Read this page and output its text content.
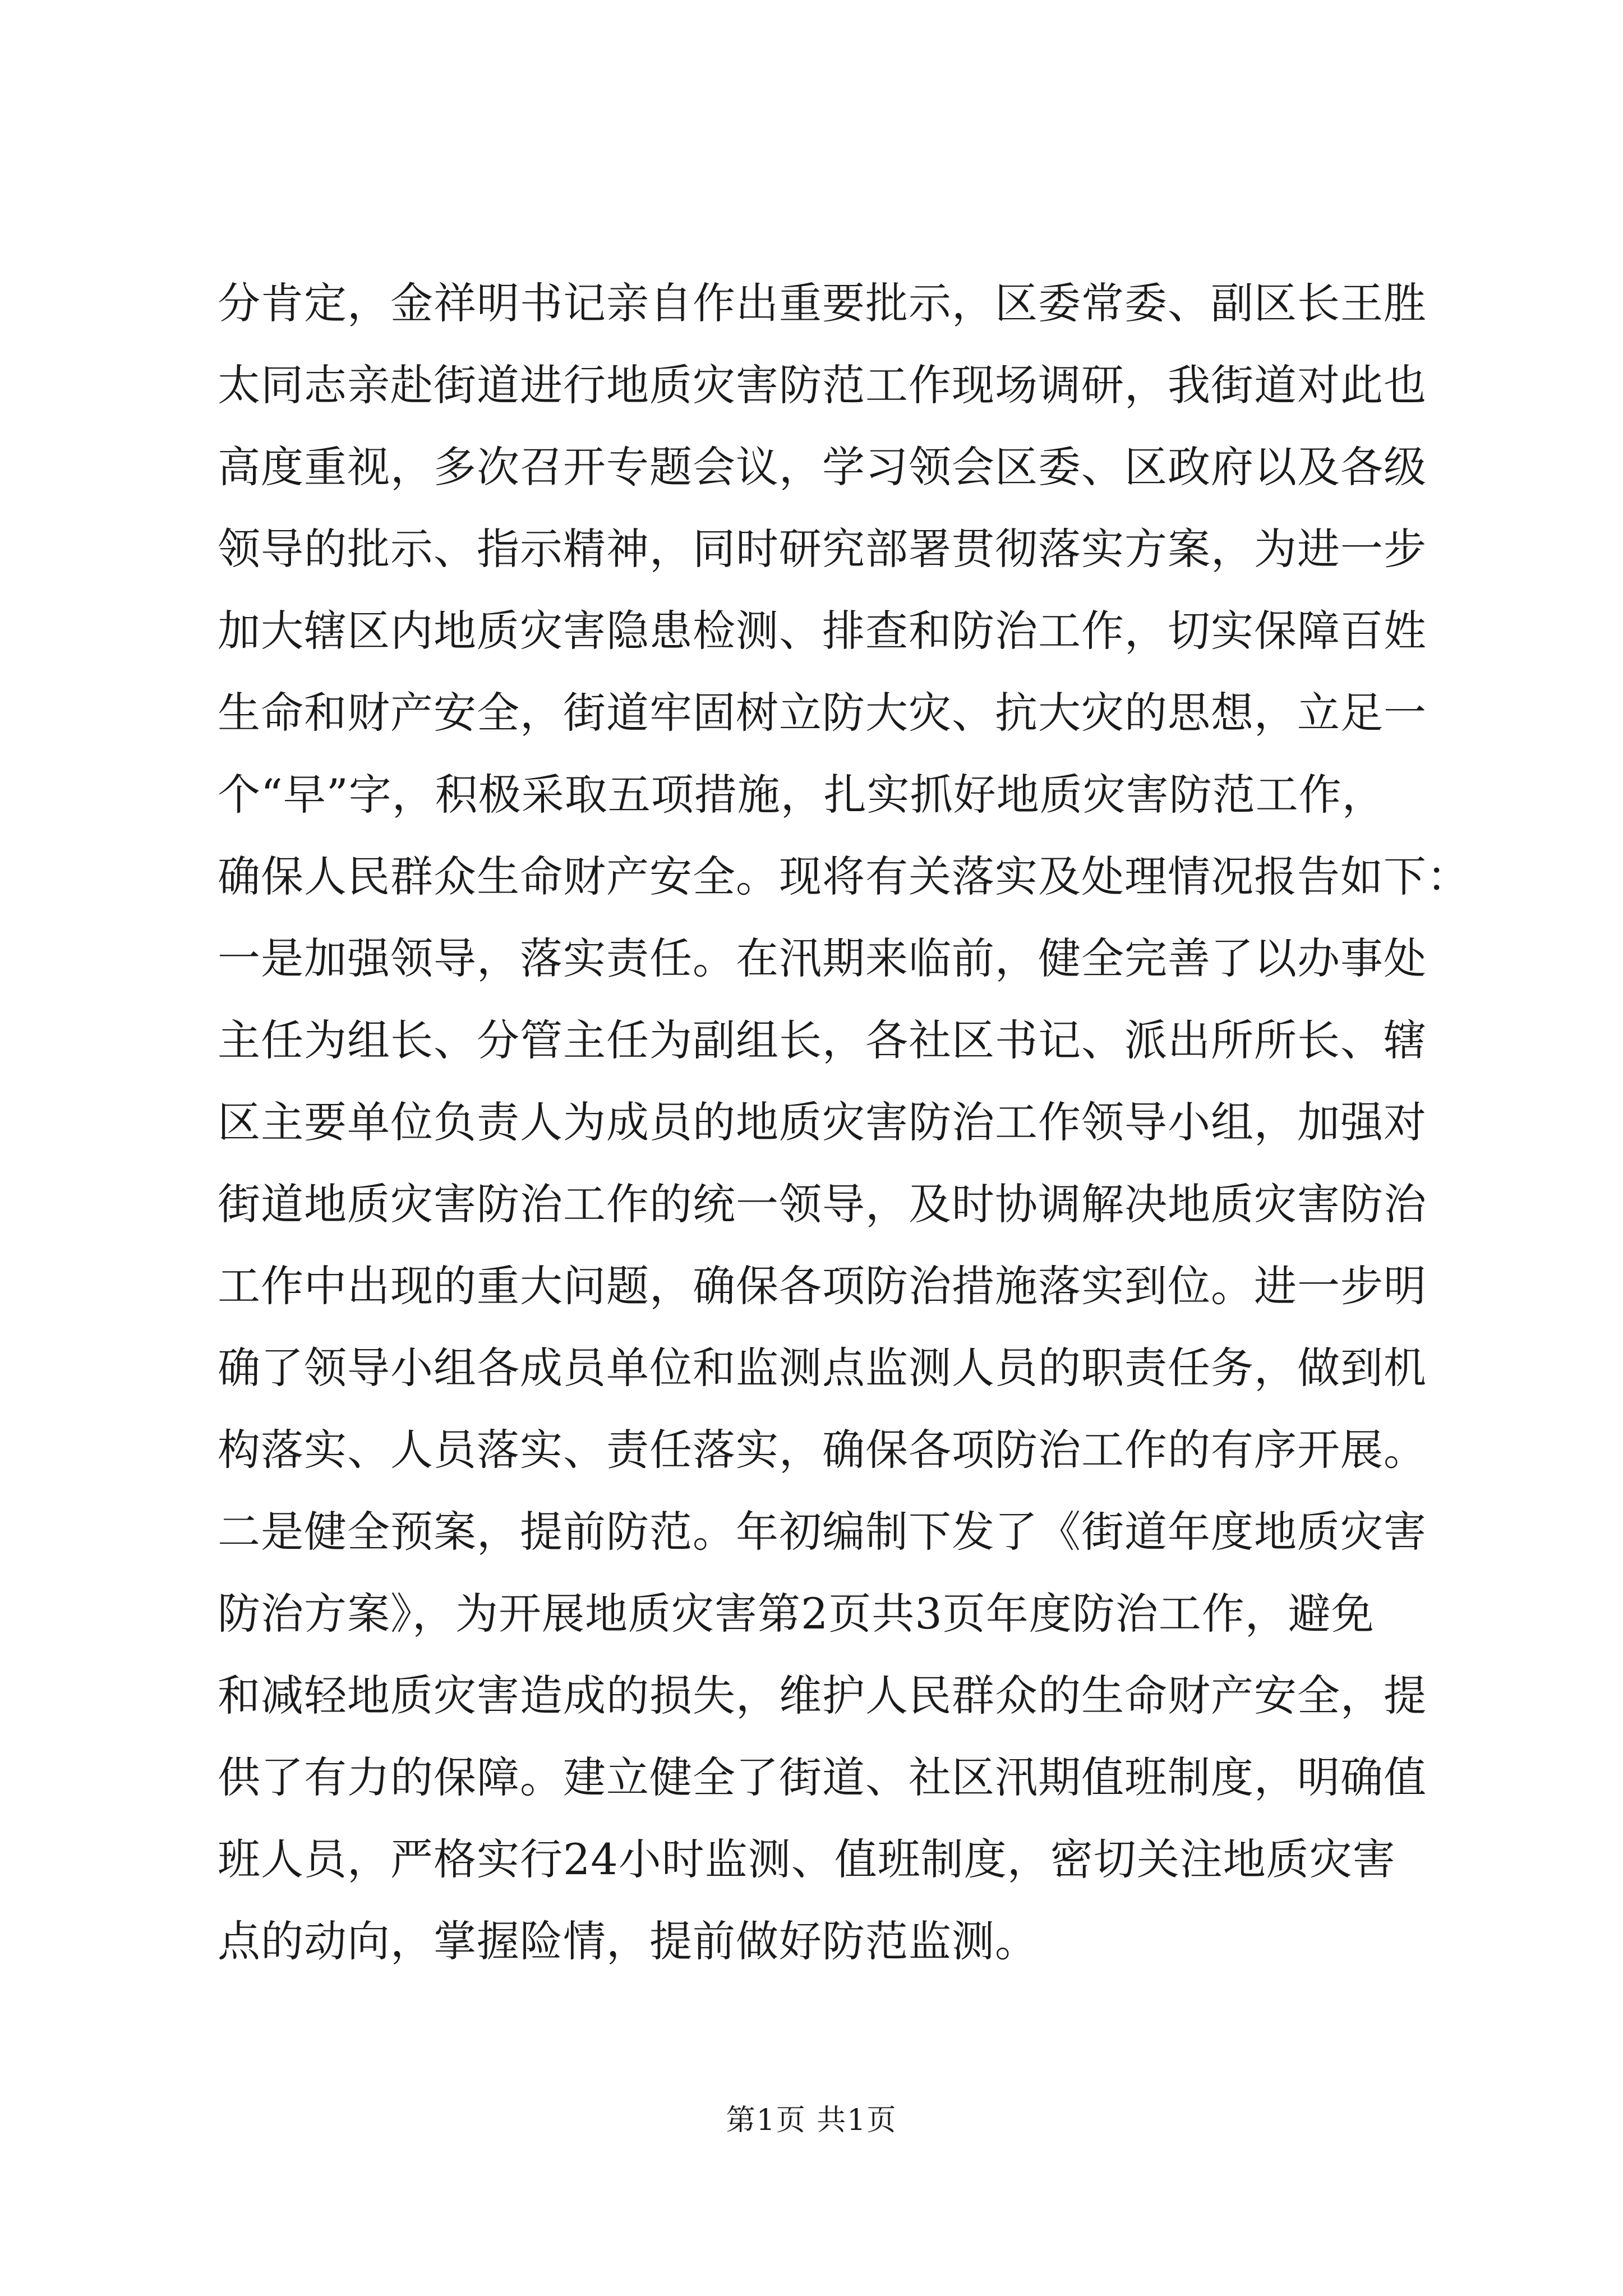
分肯定，金祥明书记亲自作出重要批示，区委常委、副区长王胜
太同志亲赴街道进行地质灾害防范工作现场调研，我街道对此也
高度重视，多次召开专题会议，学习领会区委、区政府以及各级
领导的批示、指示精神，同时研究部署贯彻落实方案，为进一步
加大辖区内地质灾害隐患检测、排查和防治工作，切实保障百姓
生命和财产安全，街道牢固树立防大灾、抗大灾的思想，立足一
个“早”字，积极采取五项措施，扎实抓好地质灾害防范工作，
确保人民群众生命财产安全。现将有关落实及处理情况报告如下：
一是加强领导，落实责任。在汛期来临前，健全完善了以办事处
主任为组长、分管主任为副组长，各社区书记、派出所所长、辖
区主要单位负责人为成员的地质灾害防治工作领导小组，加强对
街道地质灾害防治工作的统一领导，及时协调解决地质灾害防治
工作中出现的重大问题，确保各项防治措施落实到位。进一步明
确了领导小组各成员单位和监测点监测人员的职责任务，做到机
构落实、人员落实、责任落实，确保各项防治工作的有序开展。
二是健全预案，提前防范。年初编制下发了《街道年度地质灾害
防治方案》，为开展地质灾害第2页共3页年度防治工作，避免
和减轻地质灾害造成的损失，维护人民群众的生命财产安全，提
供了有力的保障。建立健全了街道、社区汛期值班制度，明确值
班人员，严格实行24小时监测、值班制度，密切关注地质灾害
点的动向，掌握险情，提前做好防范监测。
第1页 共1页
